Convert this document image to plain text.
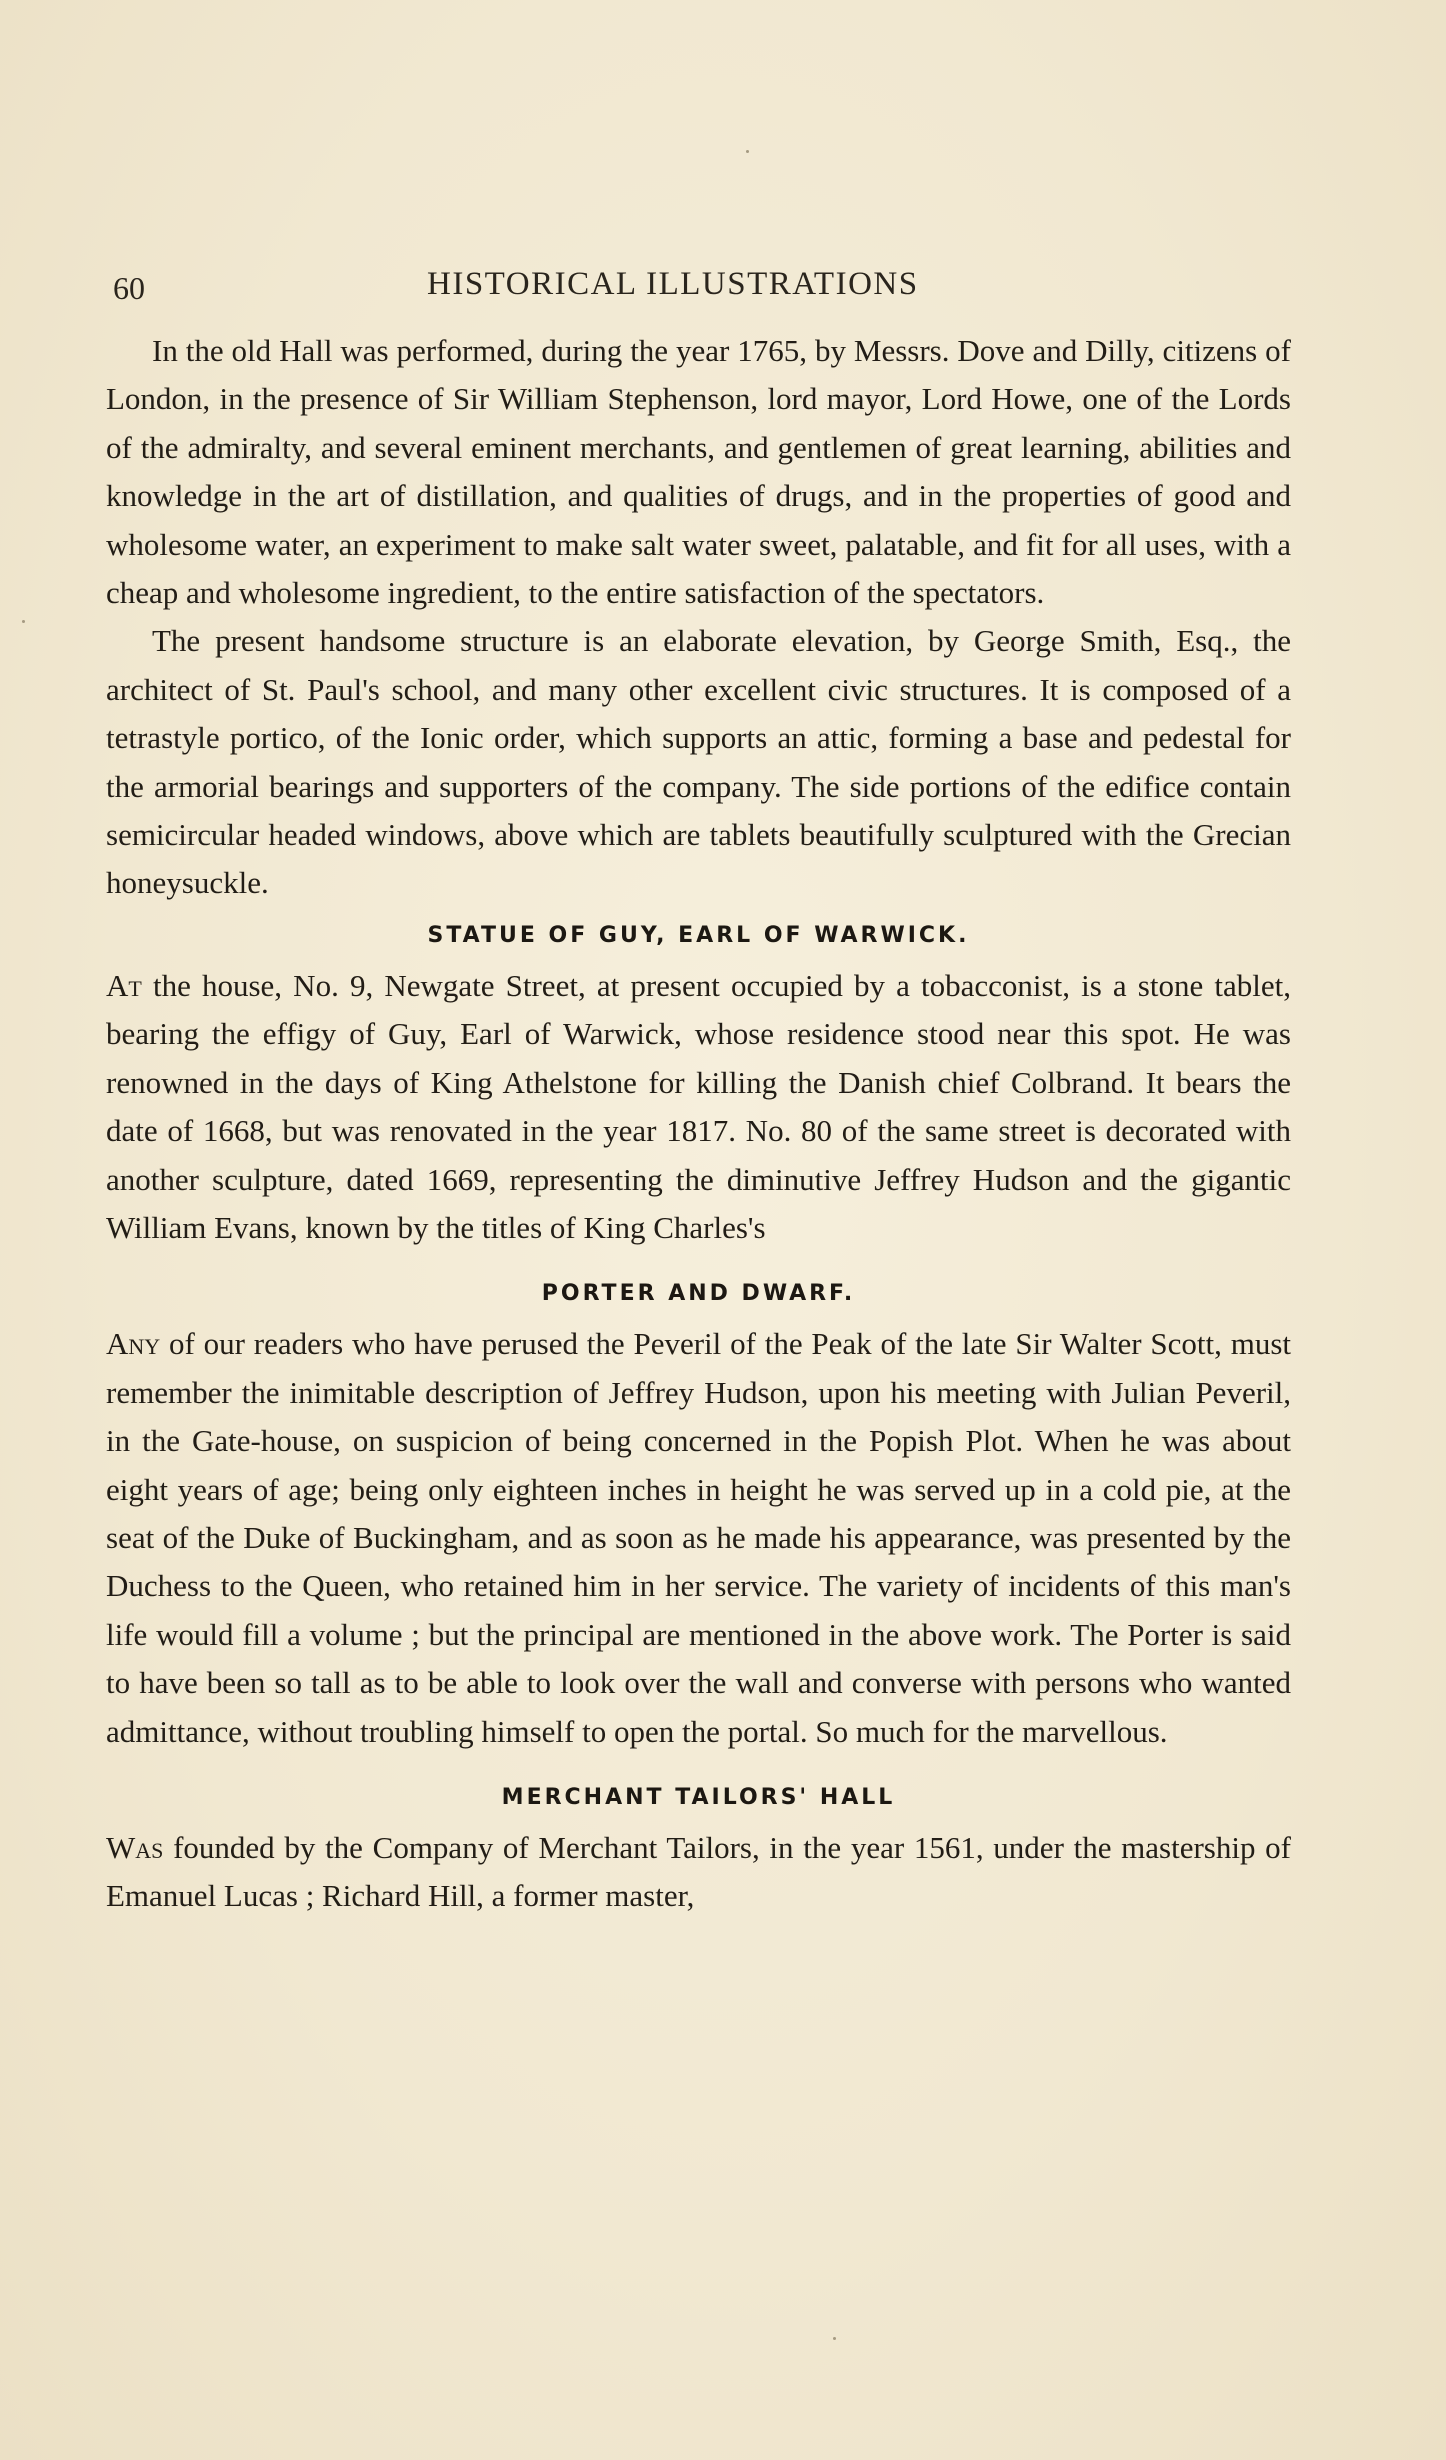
60	HISTORICAL ILLUSTRATIONS

In the old Hall was performed, during the year 1765, by Messrs. Dove and Dilly, citizens of London, in the presence of Sir William Stephenson, lord mayor, Lord Howe, one of the Lords of the admiralty, and several eminent merchants, and gentlemen of great learning, abilities and knowledge in the art of distillation, and qualities of drugs, and in the properties of good and wholesome water, an experiment to make salt water sweet, palatable, and fit for all uses, with a cheap and wholesome ingredient, to the entire satisfaction of the spectators.

The present handsome structure is an elaborate elevation, by George Smith, Esq., the architect of St. Paul's school, and many other excellent civic structures. It is composed of a tetrastyle portico, of the Ionic order, which supports an attic, forming a base and pedestal for the armorial bearings and supporters of the company. The side portions of the edifice contain semicircular headed windows, above which are tablets beautifully sculptured with the Grecian honeysuckle.

STATUE OF GUY, EARL OF WARWICK.

At the house, No. 9, Newgate Street, at present occupied by a tobacconist, is a stone tablet, bearing the effigy of Guy, Earl of Warwick, whose residence stood near this spot. He was renowned in the days of King Athelstone for killing the Danish chief Colbrand. It bears the date of 1668, but was renovated in the year 1817. No. 80 of the same street is decorated with another sculpture, dated 1669, representing the diminutive Jeffrey Hudson and the gigantic William Evans, known by the titles of King Charles's

PORTER AND DWARF.

Any of our readers who have perused the Peveril of the Peak of the late Sir Walter Scott, must remember the inimitable description of Jeffrey Hudson, upon his meeting with Julian Peveril, in the Gate-house, on suspicion of being concerned in the Popish Plot. When he was about eight years of age; being only eighteen inches in height he was served up in a cold pie, at the seat of the Duke of Buckingham, and as soon as he made his appearance, was presented by the Duchess to the Queen, who retained him in her service. The variety of incidents of this man's life would fill a volume ; but the principal are mentioned in the above work. The Porter is said to have been so tall as to be able to look over the wall and converse with persons who wanted admittance, without troubling himself to open the portal. So much for the marvellous.

MERCHANT TAILORS' HALL

Was founded by the Company of Merchant Tailors, in the year 1561, under the mastership of Emanuel Lucas ; Richard Hill, a former master,
